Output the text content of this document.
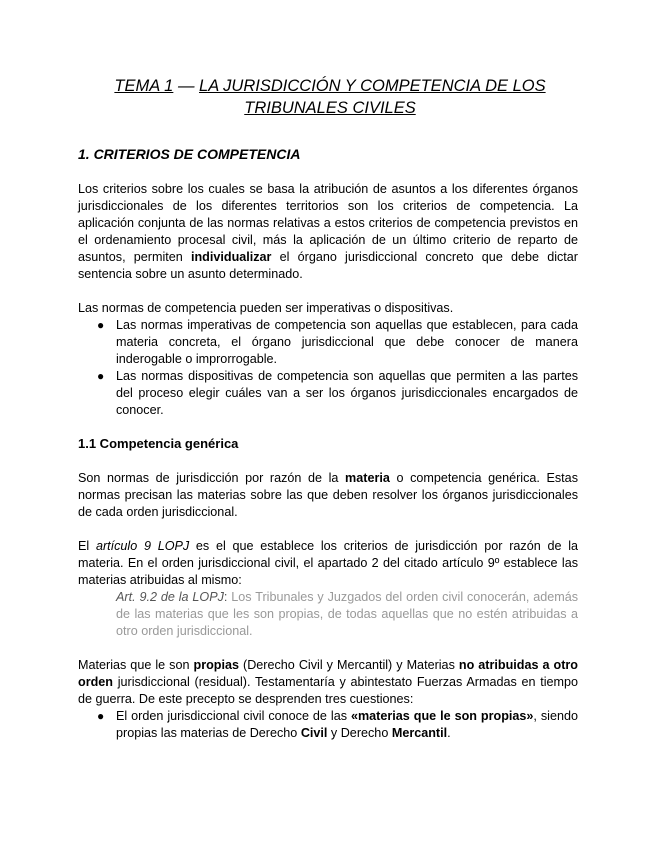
TEMA 1 — LA JURISDICCIÓN Y COMPETENCIA DE LOS TRIBUNALES CIVILES
1. CRITERIOS DE COMPETENCIA

Los criterios sobre los cuales se basa la atribución de asuntos a los diferentes órganos jurisdiccionales de los diferentes territorios son los criterios de competencia. La aplicación conjunta de las normas relativas a estos criterios de competencia previstos en el ordenamiento procesal civil, más la aplicación de un último criterio de reparto de asuntos, permiten individualizar el órgano jurisdiccional concreto que debe dictar sentencia sobre un asunto determinado.

Las normas de competencia pueden ser imperativas o dispositivas.

● Las normas imperativas de competencia son aquellas que establecen, para cada materia concreta, el órgano jurisdiccional que debe conocer de manera inderogable o improrrogable.

● Las normas dispositivas de competencia son aquellas que permiten a las partes del proceso elegir cuáles van a ser los órganos jurisdiccionales encargados de conocer.

1.1 Competencia genérica

Son normas de jurisdicción por razón de la materia o competencia genérica. Estas normas precisan las materias sobre las que deben resolver los órganos jurisdiccionales de cada orden jurisdiccional.

El artículo 9 LOPJ es el que establece los criterios de jurisdicción por razón de la materia. En el orden jurisdiccional civil, el apartado 2 del citado artículo 9º establece las materias atribuidas al mismo:

Art. 9.2 de la LOPJ: Los Tribunales y Juzgados del orden civil conocerán, además de las materias que les son propias, de todas aquellas que no estén atribuidas a otro orden jurisdiccional.

Materias que le son propias (Derecho Civil y Mercantil) y Materias no atribuidas a otro orden jurisdiccional (residual). Testamentaría y abintestato Fuerzas Armadas en tiempo de guerra. De este precepto se desprenden tres cuestiones:

● El orden jurisdiccional civil conoce de las «materias que le son propias», siendo propias las materias de Derecho Civil y Derecho Mercantil.
